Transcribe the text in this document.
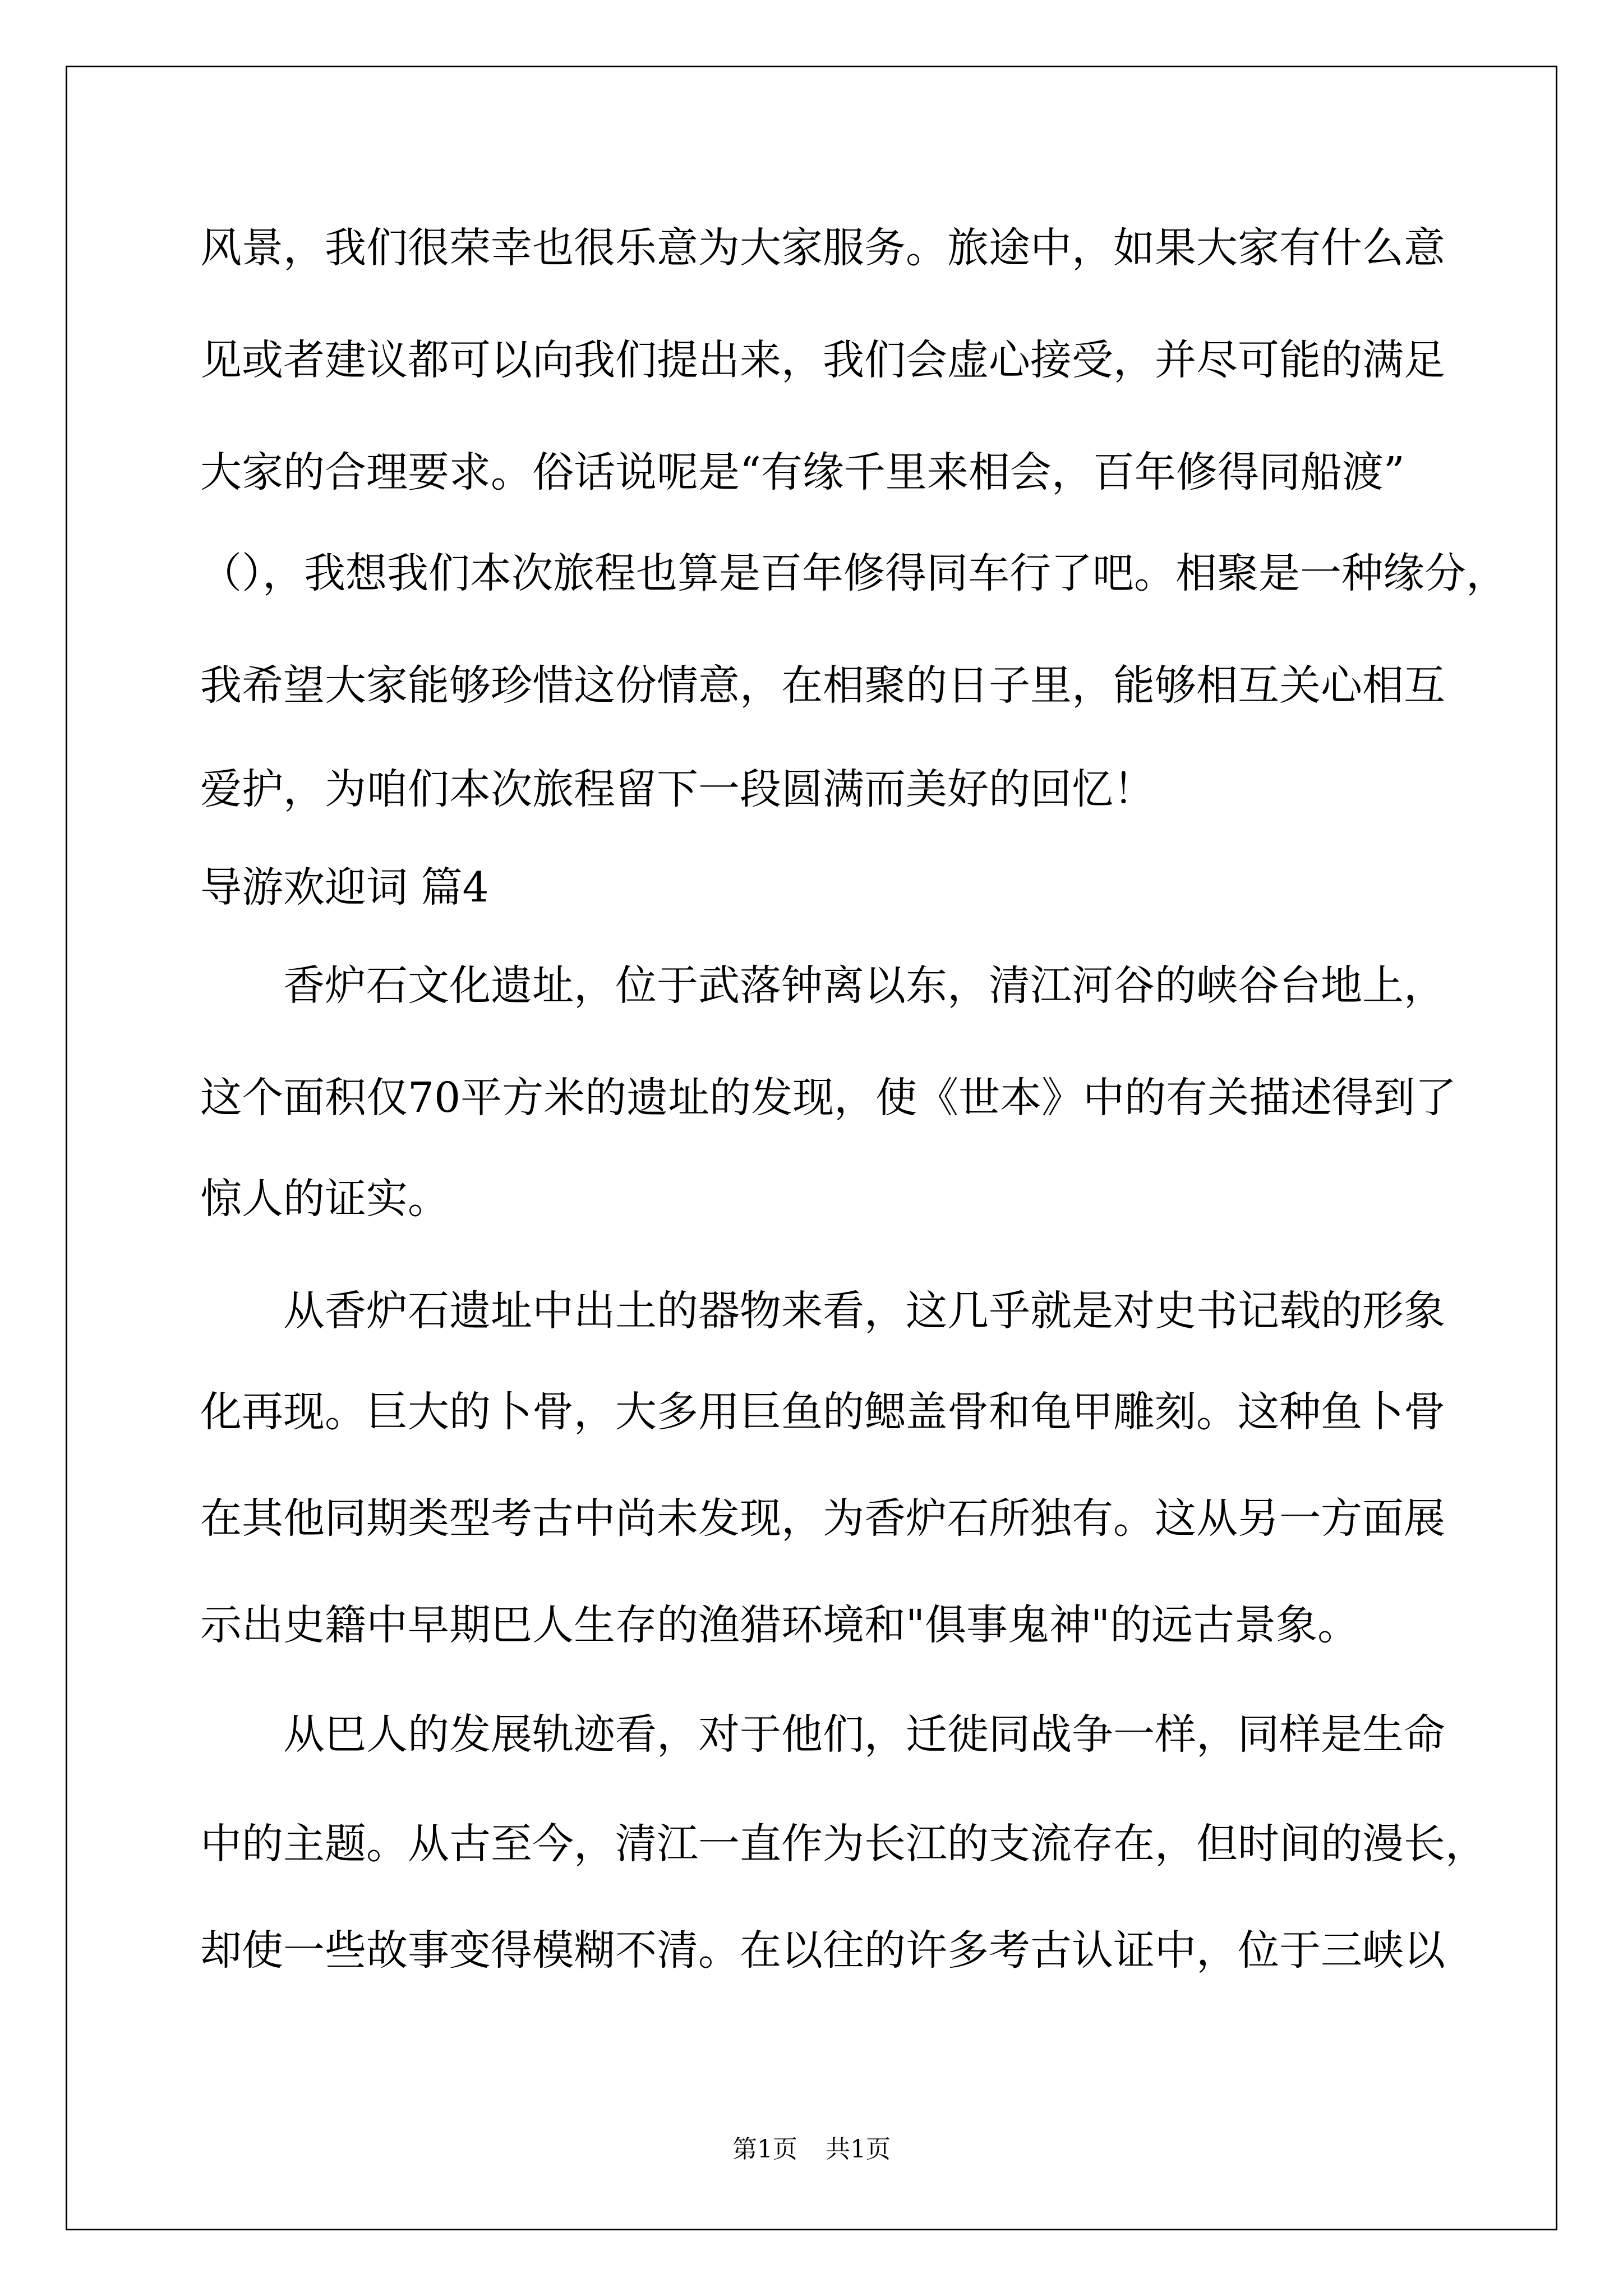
风景，我们很荣幸也很乐意为大家服务。旅途中，如果大家有什么意
见或者建议都可以向我们提出来，我们会虚心接受，并尽可能的满足
大家的合理要求。俗话说呢是“有缘千里来相会，百年修得同船渡”
（），我想我们本次旅程也算是百年修得同车行了吧。相聚是一种缘分，
我希望大家能够珍惜这份情意，在相聚的日子里，能够相互关心相互
爱护，为咱们本次旅程留下一段圆满而美好的回忆！
导游欢迎词 篇4
香炉石文化遗址，位于武落钟离以东，清江河谷的峡谷台地上，
这个面积仅70平方米的遗址的发现，使《世本》中的有关描述得到了
惊人的证实。
从香炉石遗址中出土的器物来看，这几乎就是对史书记载的形象
化再现。巨大的卜骨，大多用巨鱼的鳃盖骨和龟甲雕刻。这种鱼卜骨
在其他同期类型考古中尚未发现，为香炉石所独有。这从另一方面展
示出史籍中早期巴人生存的渔猎环境和"俱事鬼神"的远古景象。
从巴人的发展轨迹看，对于他们，迁徙同战争一样，同样是生命
中的主题。从古至今，清江一直作为长江的支流存在，但时间的漫长，
却使一些故事变得模糊不清。在以往的许多考古认证中，位于三峡以
第1页 共1页
